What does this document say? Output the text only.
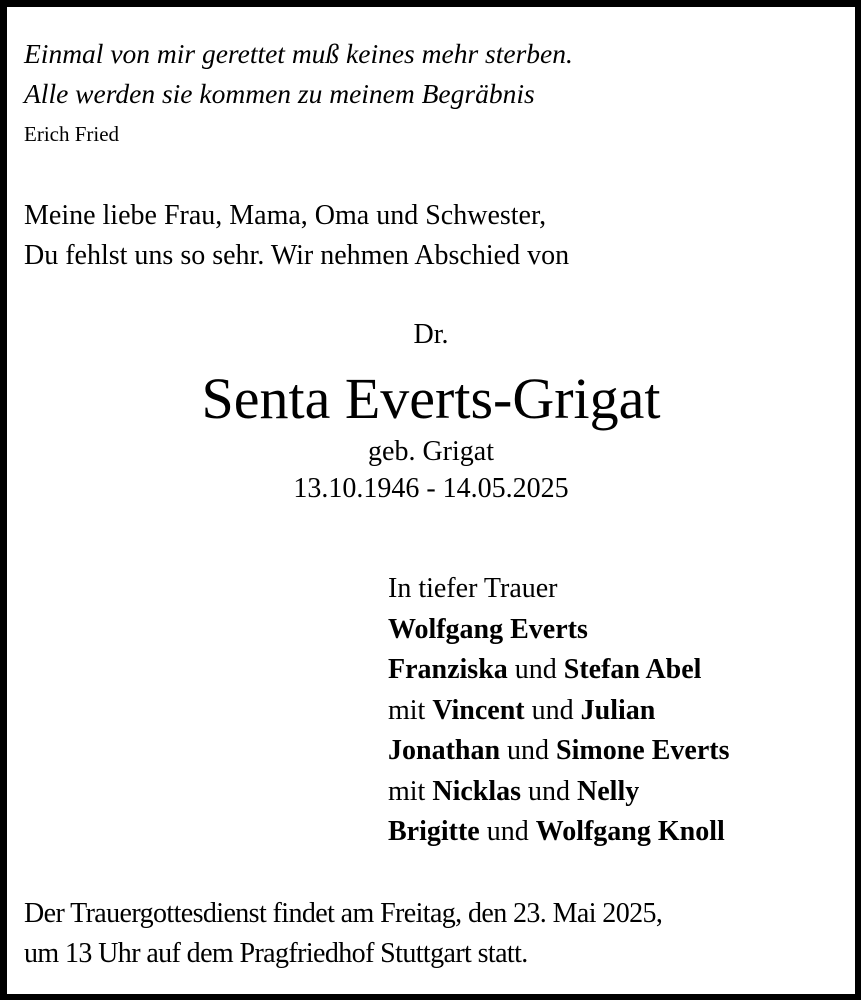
Einmal von mir gerettet muß keines mehr sterben.
Alle werden sie kommen zu meinem Begräbnis
Erich Fried
Meine liebe Frau, Mama, Oma und Schwester,
Du fehlst uns so sehr. Wir nehmen Abschied von
Dr.
Senta Everts-Grigat
geb. Grigat
13.10.1946 - 14.05.2025
In tiefer Trauer
Wolfgang Everts
Franziska und Stefan Abel
mit Vincent und Julian
Jonathan und Simone Everts
mit Nicklas und Nelly
Brigitte und Wolfgang Knoll
Der Trauergottesdienst findet am Freitag, den 23. Mai 2025,
um 13 Uhr auf dem Pragfriedhof Stuttgart statt.
